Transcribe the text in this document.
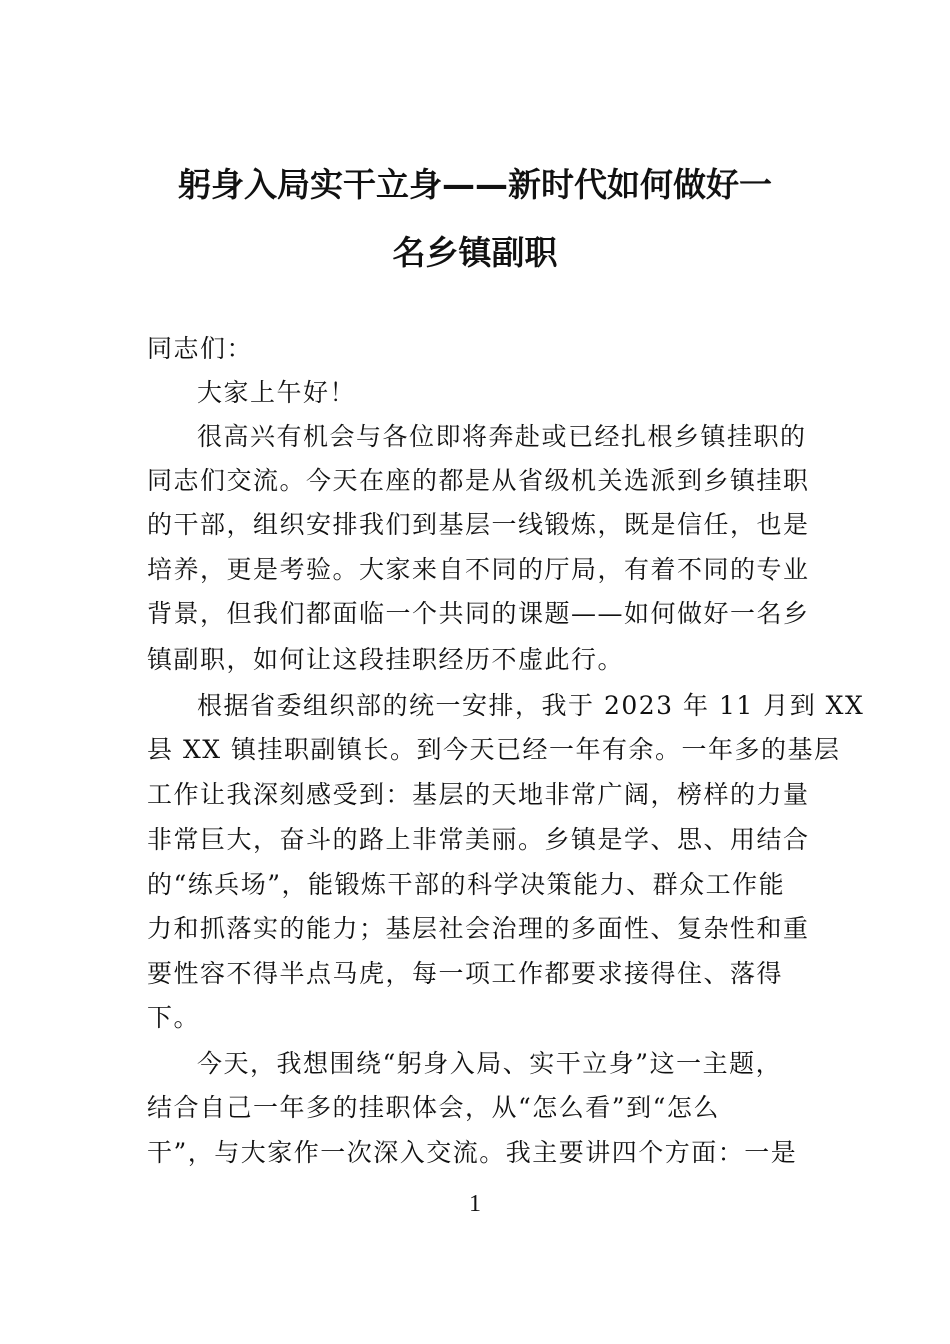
躬身入局实干立身——新时代如何做好一
名乡镇副职
同志们：
大家上午好！
很高兴有机会与各位即将奔赴或已经扎根乡镇挂职的
同志们交流。今天在座的都是从省级机关选派到乡镇挂职
的干部，组织安排我们到基层一线锻炼，既是信任，也是
培养，更是考验。大家来自不同的厅局，有着不同的专业
背景，但我们都面临一个共同的课题——如何做好一名乡
镇副职，如何让这段挂职经历不虚此行。
根据省委组织部的统一安排，我于 2023 年 11 月到 XX
县 XX 镇挂职副镇长。到今天已经一年有余。一年多的基层
工作让我深刻感受到：基层的天地非常广阔，榜样的力量
非常巨大，奋斗的路上非常美丽。乡镇是学、思、用结合
的“练兵场”，能锻炼干部的科学决策能力、群众工作能
力和抓落实的能力；基层社会治理的多面性、复杂性和重
要性容不得半点马虎，每一项工作都要求接得住、落得
下。
今天，我想围绕“躬身入局、实干立身”这一主题，
结合自己一年多的挂职体会，从“怎么看”到“怎么
干”，与大家作一次深入交流。我主要讲四个方面：一是
1
